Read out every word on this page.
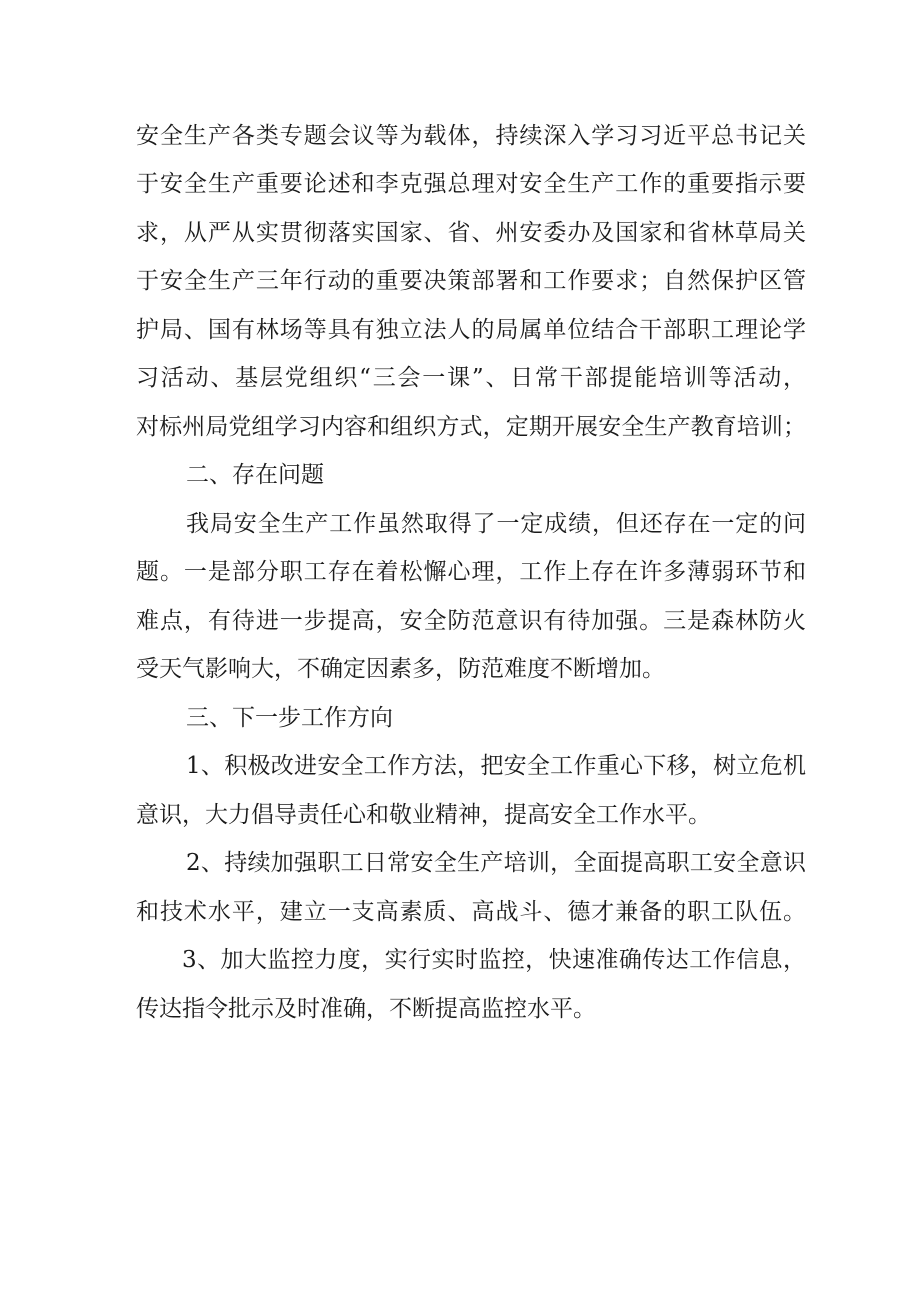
安全生产各类专题会议等为载体，持续深入学习习近平总书记关
于安全生产重要论述和李克强总理对安全生产工作的重要指示要
求，从严从实贯彻落实国家、省、州安委办及国家和省林草局关
于安全生产三年行动的重要决策部署和工作要求；自然保护区管
护局、国有林场等具有独立法人的局属单位结合干部职工理论学
习活动、基层党组织“三会一课”、日常干部提能培训等活动，
对标州局党组学习内容和组织方式，定期开展安全生产教育培训；
二、存在问题
我局安全生产工作虽然取得了一定成绩，但还存在一定的问
题。一是部分职工存在着松懈心理，工作上存在许多薄弱环节和
难点，有待进一步提高，安全防范意识有待加强。三是森林防火
受天气影响大，不确定因素多，防范难度不断增加。
三、下一步工作方向
1、积极改进安全工作方法，把安全工作重心下移，树立危机
意识，大力倡导责任心和敬业精神，提高安全工作水平。
2、持续加强职工日常安全生产培训，全面提高职工安全意识
和技术水平，建立一支高素质、高战斗、德才兼备的职工队伍。
3、加大监控力度，实行实时监控，快速准确传达工作信息，
传达指令批示及时准确，不断提高监控水平。
